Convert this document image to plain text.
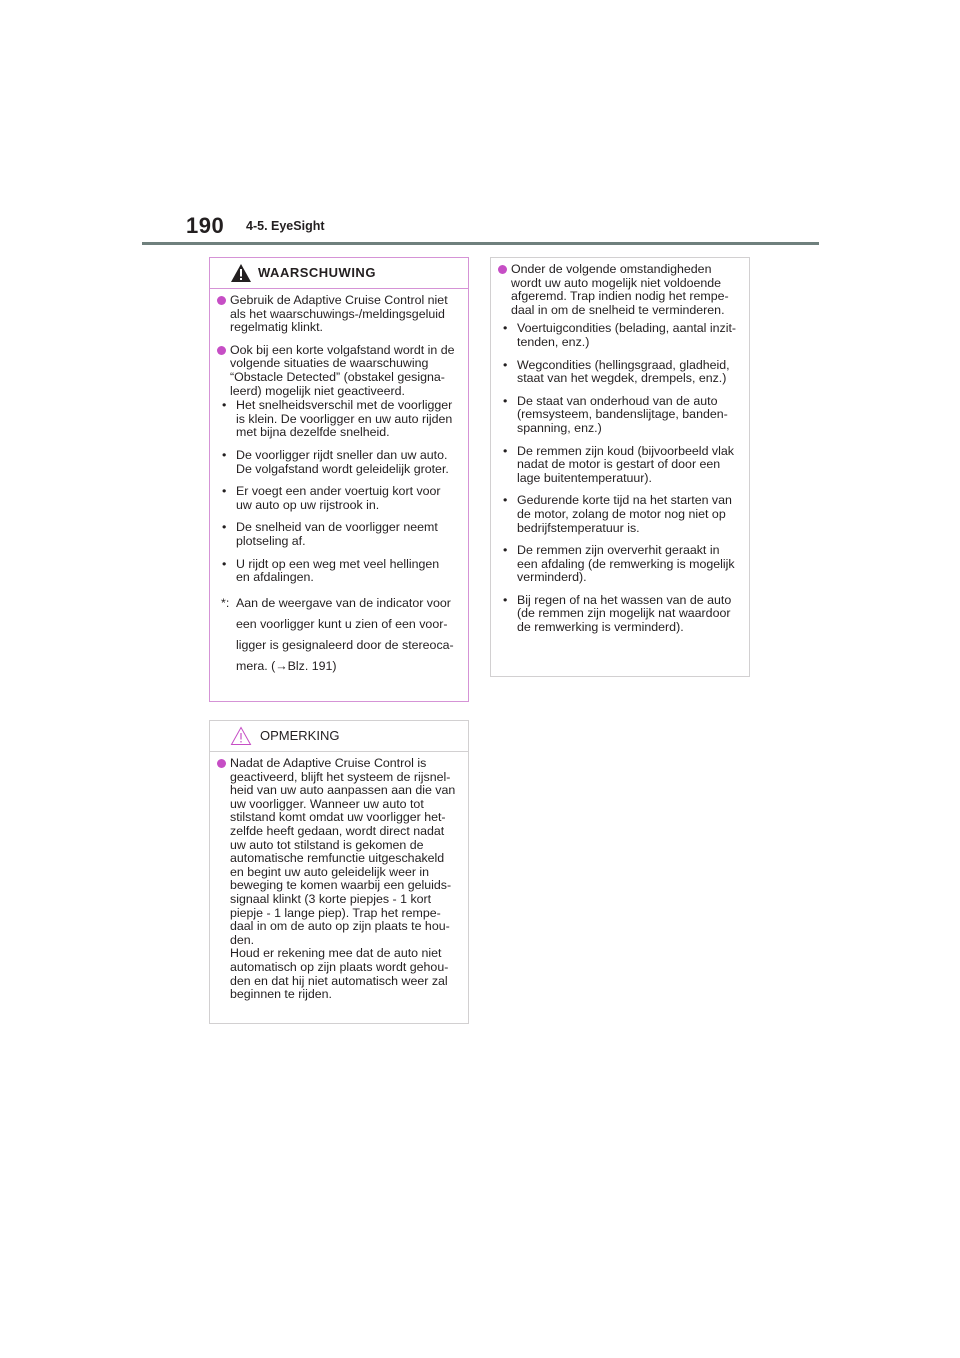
190 4-5. EyeSight
WAARSCHUWING
Gebruik de Adaptive Cruise Control niet als het waarschuwings-/meldingsgeluid regelmatig klinkt.
Ook bij een korte volgafstand wordt in de volgende situaties de waarschuwing “Obstacle Detected” (obstakel gesigna-leerd) mogelijk niet geactiveerd.
• Het snelheidsverschil met de voorligger is klein. De voorligger en uw auto rijden met bijna dezelfde snelheid.
• De voorligger rijdt sneller dan uw auto. De volgafstand wordt geleidelijk groter.
• Er voegt een ander voertuig kort voor uw auto op uw rijstrook in.
• De snelheid van de voorligger neemt plotseling af.
• U rijdt op een weg met veel hellingen en afdalingen.
*: Aan de weergave van de indicator voor een voorligger kunt u zien of een voor-ligger is gesignaleerd door de stereoca-mera. (→Blz. 191)
OPMERKING
Nadat de Adaptive Cruise Control is geactiveerd, blijft het systeem de rijsnel-heid van uw auto aanpassen aan die van uw voorligger. Wanneer uw auto tot stilstand komt omdat uw voorligger het-zelfde heeft gedaan, wordt direct nadat uw auto tot stilstand is gekomen de automatische remfunctie uitgeschakeld en begint uw auto geleidelijk weer in beweging te komen waarbij een geluids-signaal klinkt (3 korte piepjes - 1 kort piepje - 1 lange piep). Trap het rempe-daal in om de auto op zijn plaats te hou-den.
Houd er rekening mee dat de auto niet automatisch op zijn plaats wordt gehou-den en dat hij niet automatisch weer zal beginnen te rijden.
Onder de volgende omstandigheden wordt uw auto mogelijk niet voldoende afgeremd. Trap indien nodig het rempe-daal in om de snelheid te verminderen.
• Voertuigcondities (belading, aantal inzit-tenden, enz.)
• Wegcondities (hellingsgraad, gladheid, staat van het wegdek, drempels, enz.)
• De staat van onderhoud van de auto (remsysteem, bandenslijtage, banden-spanning, enz.)
• De remmen zijn koud (bijvoorbeeld vlak nadat de motor is gestart of door een lage buitentemperatuur).
• Gedurende korte tijd na het starten van de motor, zolang de motor nog niet op bedrijfstemperatuur is.
• De remmen zijn oververhit geraakt in een afdaling (de remwerking is mogelijk verminderd).
• Bij regen of na het wassen van de auto (de remmen zijn mogelijk nat waardoor de remwerking is verminderd).
